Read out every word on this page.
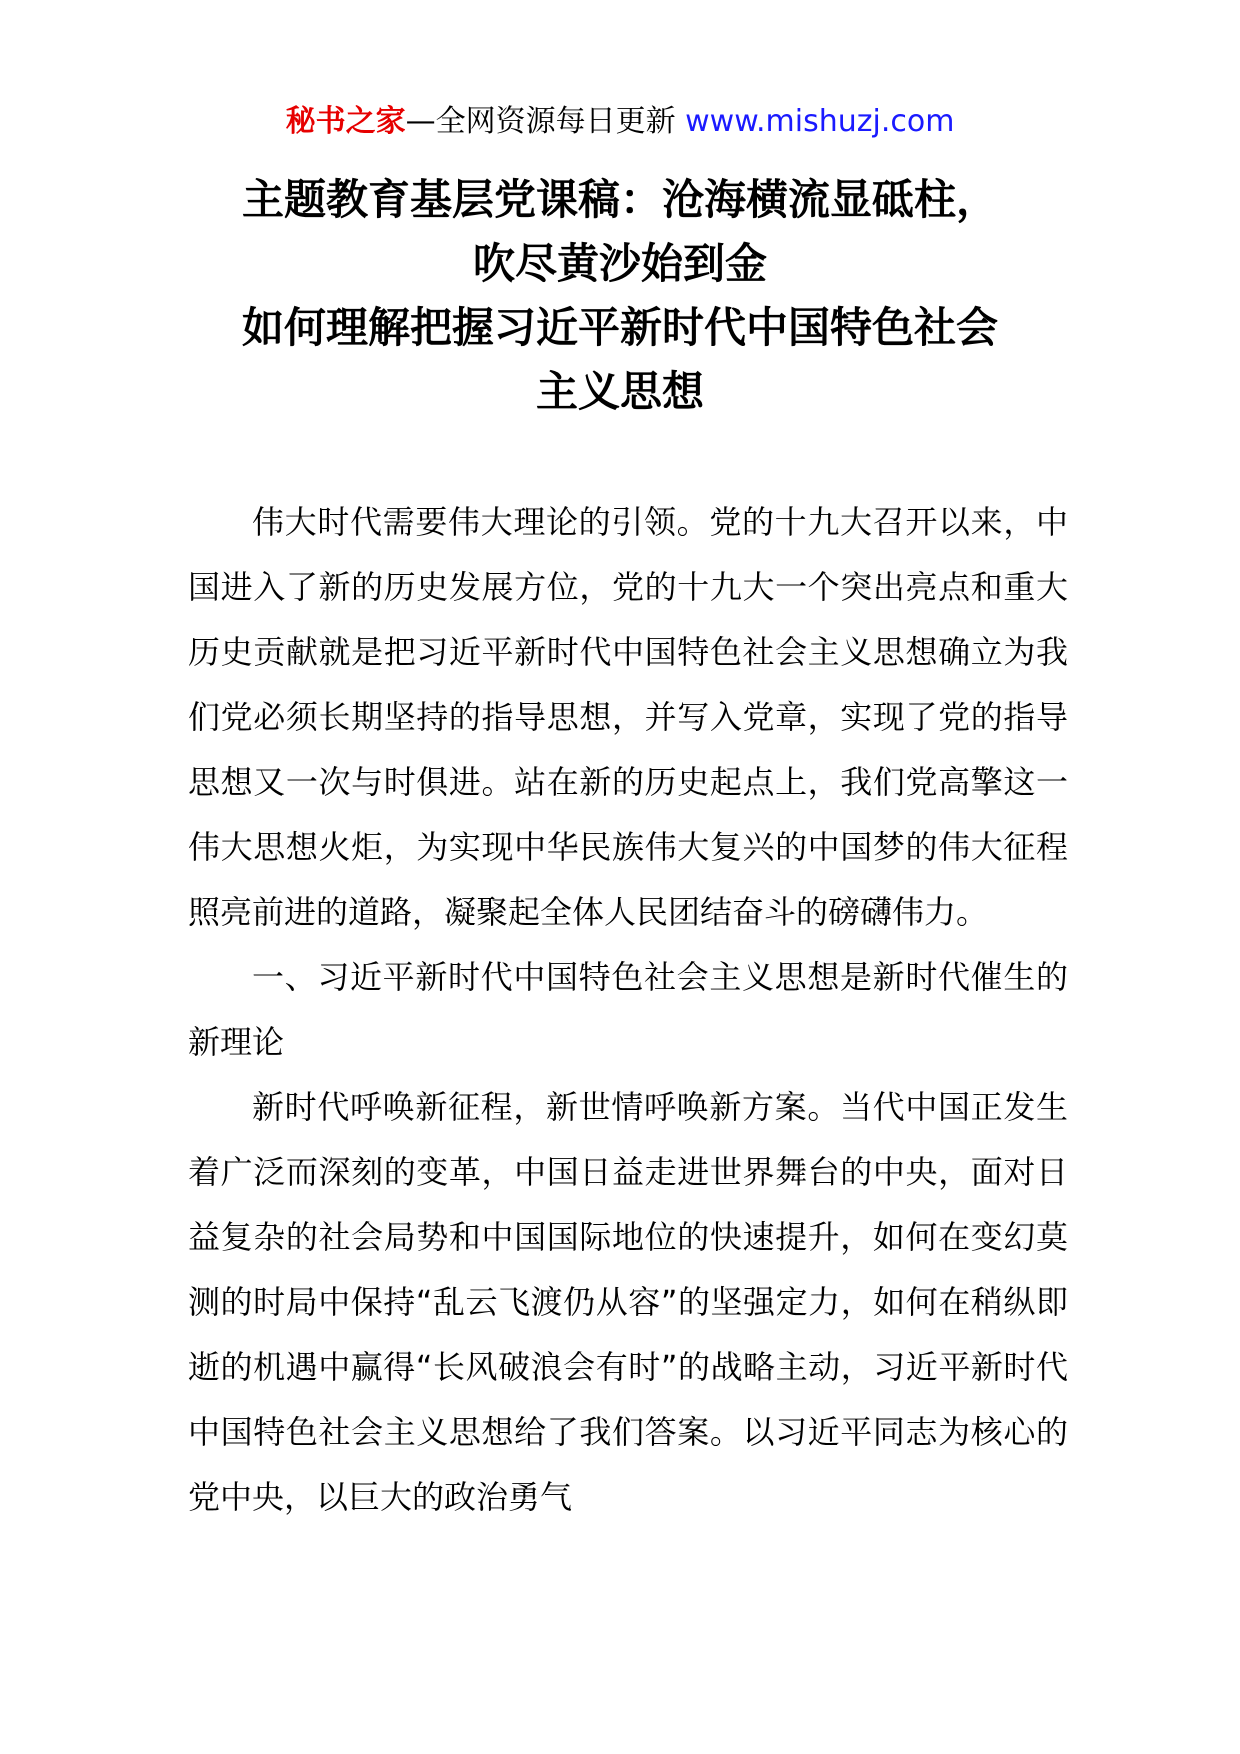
秘书之家—全网资源每日更新 www.mishuzj.com
主题教育基层党课稿：沧海横流显砥柱，
吹尽黄沙始到金
如何理解把握习近平新时代中国特色社会
主义思想

伟大时代需要伟大理论的引领。党的十九大召开以来，中国进入了新的历史发展方位，党的十九大一个突出亮点和重大历史贡献就是把习近平新时代中国特色社会主义思想确立为我们党必须长期坚持的指导思想，并写入党章，实现了党的指导思想又一次与时俱进。站在新的历史起点上，我们党高擎这一伟大思想火炬，为实现中华民族伟大复兴的中国梦的伟大征程照亮前进的道路，凝聚起全体人民团结奋斗的磅礴伟力。

一、习近平新时代中国特色社会主义思想是新时代催生的新理论

新时代呼唤新征程，新世情呼唤新方案。当代中国正发生着广泛而深刻的变革，中国日益走进世界舞台的中央，面对日益复杂的社会局势和中国国际地位的快速提升，如何在变幻莫测的时局中保持“乱云飞渡仍从容”的坚强定力，如何在稍纵即逝的机遇中赢得“长风破浪会有时”的战略主动，习近平新时代中国特色社会主义思想给了我们答案。以习近平同志为核心的党中央，以巨大的政治勇气
